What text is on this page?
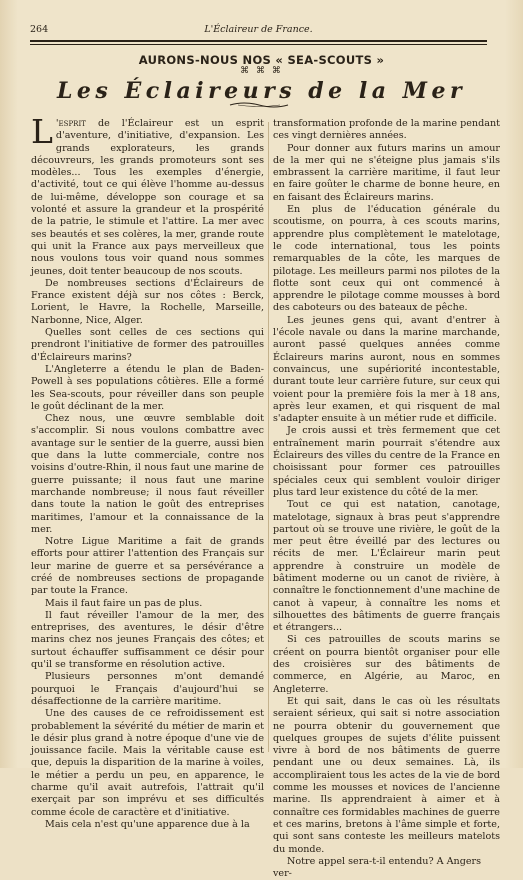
264	L'Éclaireur de France.
AURONS-NOUS NOS « SEA-SCOUTS »
⌘ ⌘ ⌘
Les Éclaireurs de la Mer

L 'esprit de l'Éclaireur est un esprit d'aventure, d'initiative, d'expansion. Les grands explorateurs, les grands découvreurs, les grands promoteurs sont ses modèles... Tous les exemples d'énergie, d'activité, tout ce qui élève l'homme au-dessus de lui-même, développe son courage et sa volonté et assure la grandeur et la prospérité de la patrie, le stimule et l'attire. La mer avec ses beautés et ses colères, la mer, grande route qui unit la France aux pays merveilleux que nous voulons tous voir quand nous sommes jeunes, doit tenter beaucoup de nos scouts.

De nombreuses sections d'Éclaireurs de France existent déjà sur nos côtes : Berck, Lorient, le Havre, la Rochelle, Marseille, Narbonne, Nice, Alger.

Quelles sont celles de ces sections qui prendront l'initiative de former des patrouilles d'Éclaireurs marins?

L'Angleterre a étendu le plan de Baden-Powell à ses populations côtières. Elle a formé les Sea-scouts, pour réveiller dans son peuple le goût déclinant de la mer.

Chez nous, une œuvre semblable doit s'accomplir. Si nous voulons combattre avec avantage sur le sentier de la guerre, aussi bien que dans la lutte commerciale, contre nos voisins d'outre-Rhin, il nous faut une marine de guerre puissante; il nous faut une marine marchande nombreuse; il nous faut réveiller dans toute la nation le goût des entreprises maritimes, l'amour et la connaissance de la mer.

Notre Ligue Maritime a fait de grands efforts pour attirer l'attention des Français sur leur marine de guerre et sa persévérance a créé de nombreuses sections de propagande par toute la France.

Mais il faut faire un pas de plus.

Il faut réveiller l'amour de la mer, des entreprises, des aventures, le désir d'être marins chez nos jeunes Français des côtes; et surtout échauffer suffisamment ce désir pour qu'il se transforme en résolution active.

Plusieurs personnes m'ont demandé pourquoi le Français d'aujourd'hui se désaffectionne de la carrière maritime.

Une des causes de ce refroidissement est probablement la sévérité du métier de marin et le désir plus grand à notre époque d'une vie de jouissance facile. Mais la véritable cause est que, depuis la disparition de la marine à voiles, le métier a perdu un peu, en apparence, le charme qu'il avait autrefois, l'attrait qu'il exerçait par son imprévu et ses difficultés comme école de caractère et d'initiative.

Mais cela n'est qu'une apparence due à la

transformation profonde de la marine pendant ces vingt dernières années.

Pour donner aux futurs marins un amour de la mer qui ne s'éteigne plus jamais s'ils embrassent la carrière maritime, il faut leur en faire goûter le charme de bonne heure, en en faisant des Éclaireurs marins.

En plus de l'éducation générale du scoutisme, on pourra, à ces scouts marins, apprendre plus complètement le matelotage, le code international, tous les points remarquables de la côte, les marques de pilotage. Les meilleurs parmi nos pilotes de la flotte sont ceux qui ont commencé à apprendre le pilotage comme mousses à bord des caboteurs ou des bateaux de pêche.

Les jeunes gens qui, avant d'entrer à l'école navale ou dans la marine marchande, auront passé quelques années comme Éclaireurs marins auront, nous en sommes convaincus, une supériorité incontestable, durant toute leur carrière future, sur ceux qui voient pour la première fois la mer à 18 ans, après leur examen, et qui risquent de mal s'adapter ensuite à un métier rude et difficile.

Je crois aussi et très fermement que cet entraînement marin pourrait s'étendre aux Éclaireurs des villes du centre de la France en choisissant pour former ces patrouilles spéciales ceux qui semblent vouloir diriger plus tard leur existence du côté de la mer.

Tout ce qui est natation, canotage, matelotage, signaux à bras peut s'apprendre partout où se trouve une rivière, le goût de la mer peut être éveillé par des lectures ou récits de mer. L'Éclaireur marin peut apprendre à construire un modèle de bâtiment moderne ou un canot de rivière, à connaître le fonctionnement d'une machine de canot à vapeur, à connaître les noms et silhouettes des bâtiments de guerre français et étrangers...

Si ces patrouilles de scouts marins se créent on pourra bientôt organiser pour elle des croisières sur des bâtiments de commerce, en Algérie, au Maroc, en Angleterre.

Et qui sait, dans le cas où les résultats seraient sérieux, qui sait si notre association ne pourra obtenir du gouvernement que quelques groupes de sujets d'élite puissent vivre à bord de nos bâtiments de guerre pendant une ou deux semaines. Là, ils accompliraient tous les actes de la vie de bord comme les mousses et novices de l'ancienne marine. Ils apprendraient à aimer et à connaître ces formidables machines de guerre et ces marins, bretons à l'âme simple et forte, qui sont sans conteste les meilleurs matelots du monde.

Notre appel sera-t-il entendu? A Angers ver-
